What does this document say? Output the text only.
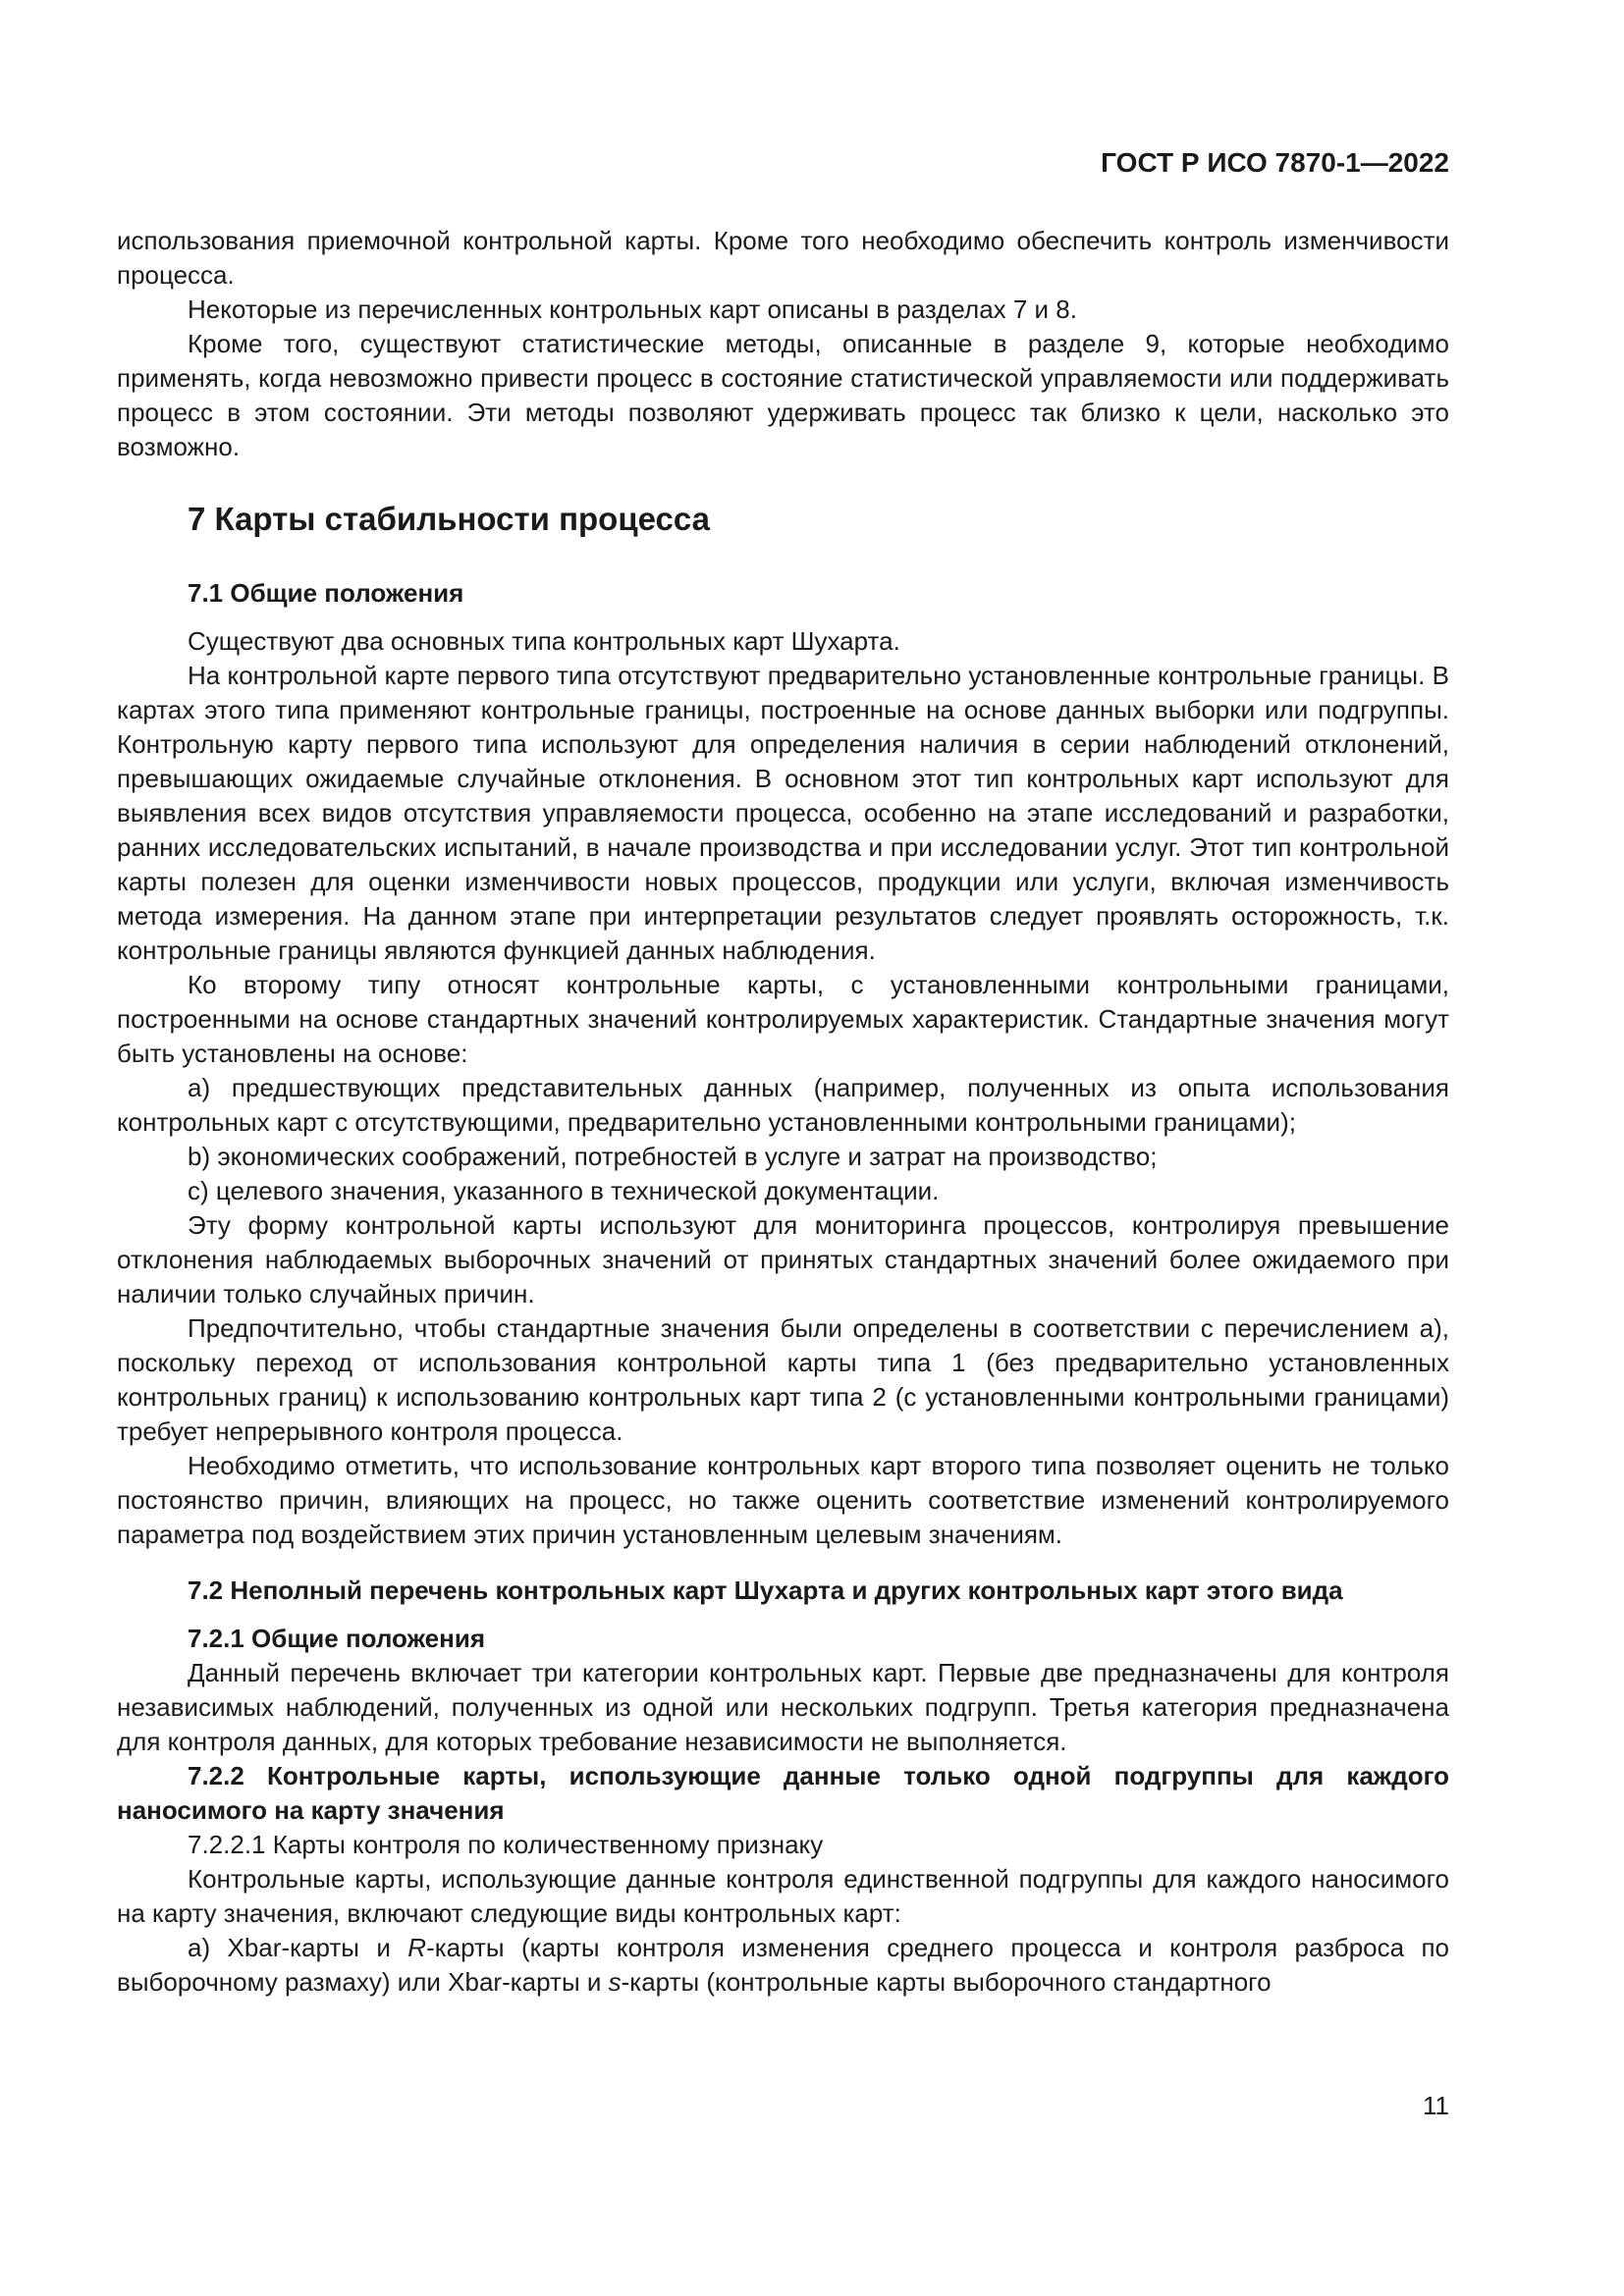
ГОСТ Р ИСО 7870-1—2022

использования приемочной контрольной карты. Кроме того необходимо обеспечить контроль изменчивости процесса.

Некоторые из перечисленных контрольных карт описаны в разделах 7 и 8.

Кроме того, существуют статистические методы, описанные в разделе 9, которые необходимо применять, когда невозможно привести процесс в состояние статистической управляемости или поддерживать процесс в этом состоянии. Эти методы позволяют удерживать процесс так близко к цели, насколько это возможно.

7 Карты стабильности процесса
7.1 Общие положения

Существуют два основных типа контрольных карт Шухарта.

На контрольной карте первого типа отсутствуют предварительно установленные контрольные границы. В картах этого типа применяют контрольные границы, построенные на основе данных выборки или подгруппы. Контрольную карту первого типа используют для определения наличия в серии наблюдений отклонений, превышающих ожидаемые случайные отклонения. В основном этот тип контрольных карт используют для выявления всех видов отсутствия управляемости процесса, особенно на этапе исследований и разработки, ранних исследовательских испытаний, в начале производства и при исследовании услуг. Этот тип контрольной карты полезен для оценки изменчивости новых процессов, продукции или услуги, включая изменчивость метода измерения. На данном этапе при интерпретации результатов следует проявлять осторожность, т.к. контрольные границы являются функцией данных наблюдения.

Ко второму типу относят контрольные карты, с установленными контрольными границами, построенными на основе стандартных значений контролируемых характеристик. Стандартные значения могут быть установлены на основе:

a) предшествующих представительных данных (например, полученных из опыта использования контрольных карт с отсутствующими, предварительно установленными контрольными границами);

b) экономических соображений, потребностей в услуге и затрат на производство;

c) целевого значения, указанного в технической документации.

Эту форму контрольной карты используют для мониторинга процессов, контролируя превышение отклонения наблюдаемых выборочных значений от принятых стандартных значений более ожидаемого при наличии только случайных причин.

Предпочтительно, чтобы стандартные значения были определены в соответствии с перечислением а), поскольку переход от использования контрольной карты типа 1 (без предварительно установленных контрольных границ) к использованию контрольных карт типа 2 (с установленными контрольными границами) требует непрерывного контроля процесса.

Необходимо отметить, что использование контрольных карт второго типа позволяет оценить не только постоянство причин, влияющих на процесс, но также оценить соответствие изменений контролируемого параметра под воздействием этих причин установленным целевым значениям.

7.2 Неполный перечень контрольных карт Шухарта и других контрольных карт этого вида
7.2.1 Общие положения

Данный перечень включает три категории контрольных карт. Первые две предназначены для контроля независимых наблюдений, полученных из одной или нескольких подгрупп. Третья категория предназначена для контроля данных, для которых требование независимости не выполняется.

7.2.2 Контрольные карты, использующие данные только одной подгруппы для каждого наносимого на карту значения

7.2.2.1 Карты контроля по количественному признаку

Контрольные карты, использующие данные контроля единственной подгруппы для каждого наносимого на карту значения, включают следующие виды контрольных карт:

a) Xbar-карты и R-карты (карты контроля изменения среднего процесса и контроля разброса по выборочному размаху) или Xbar-карты и s-карты (контрольные карты выборочного стандартного

11
